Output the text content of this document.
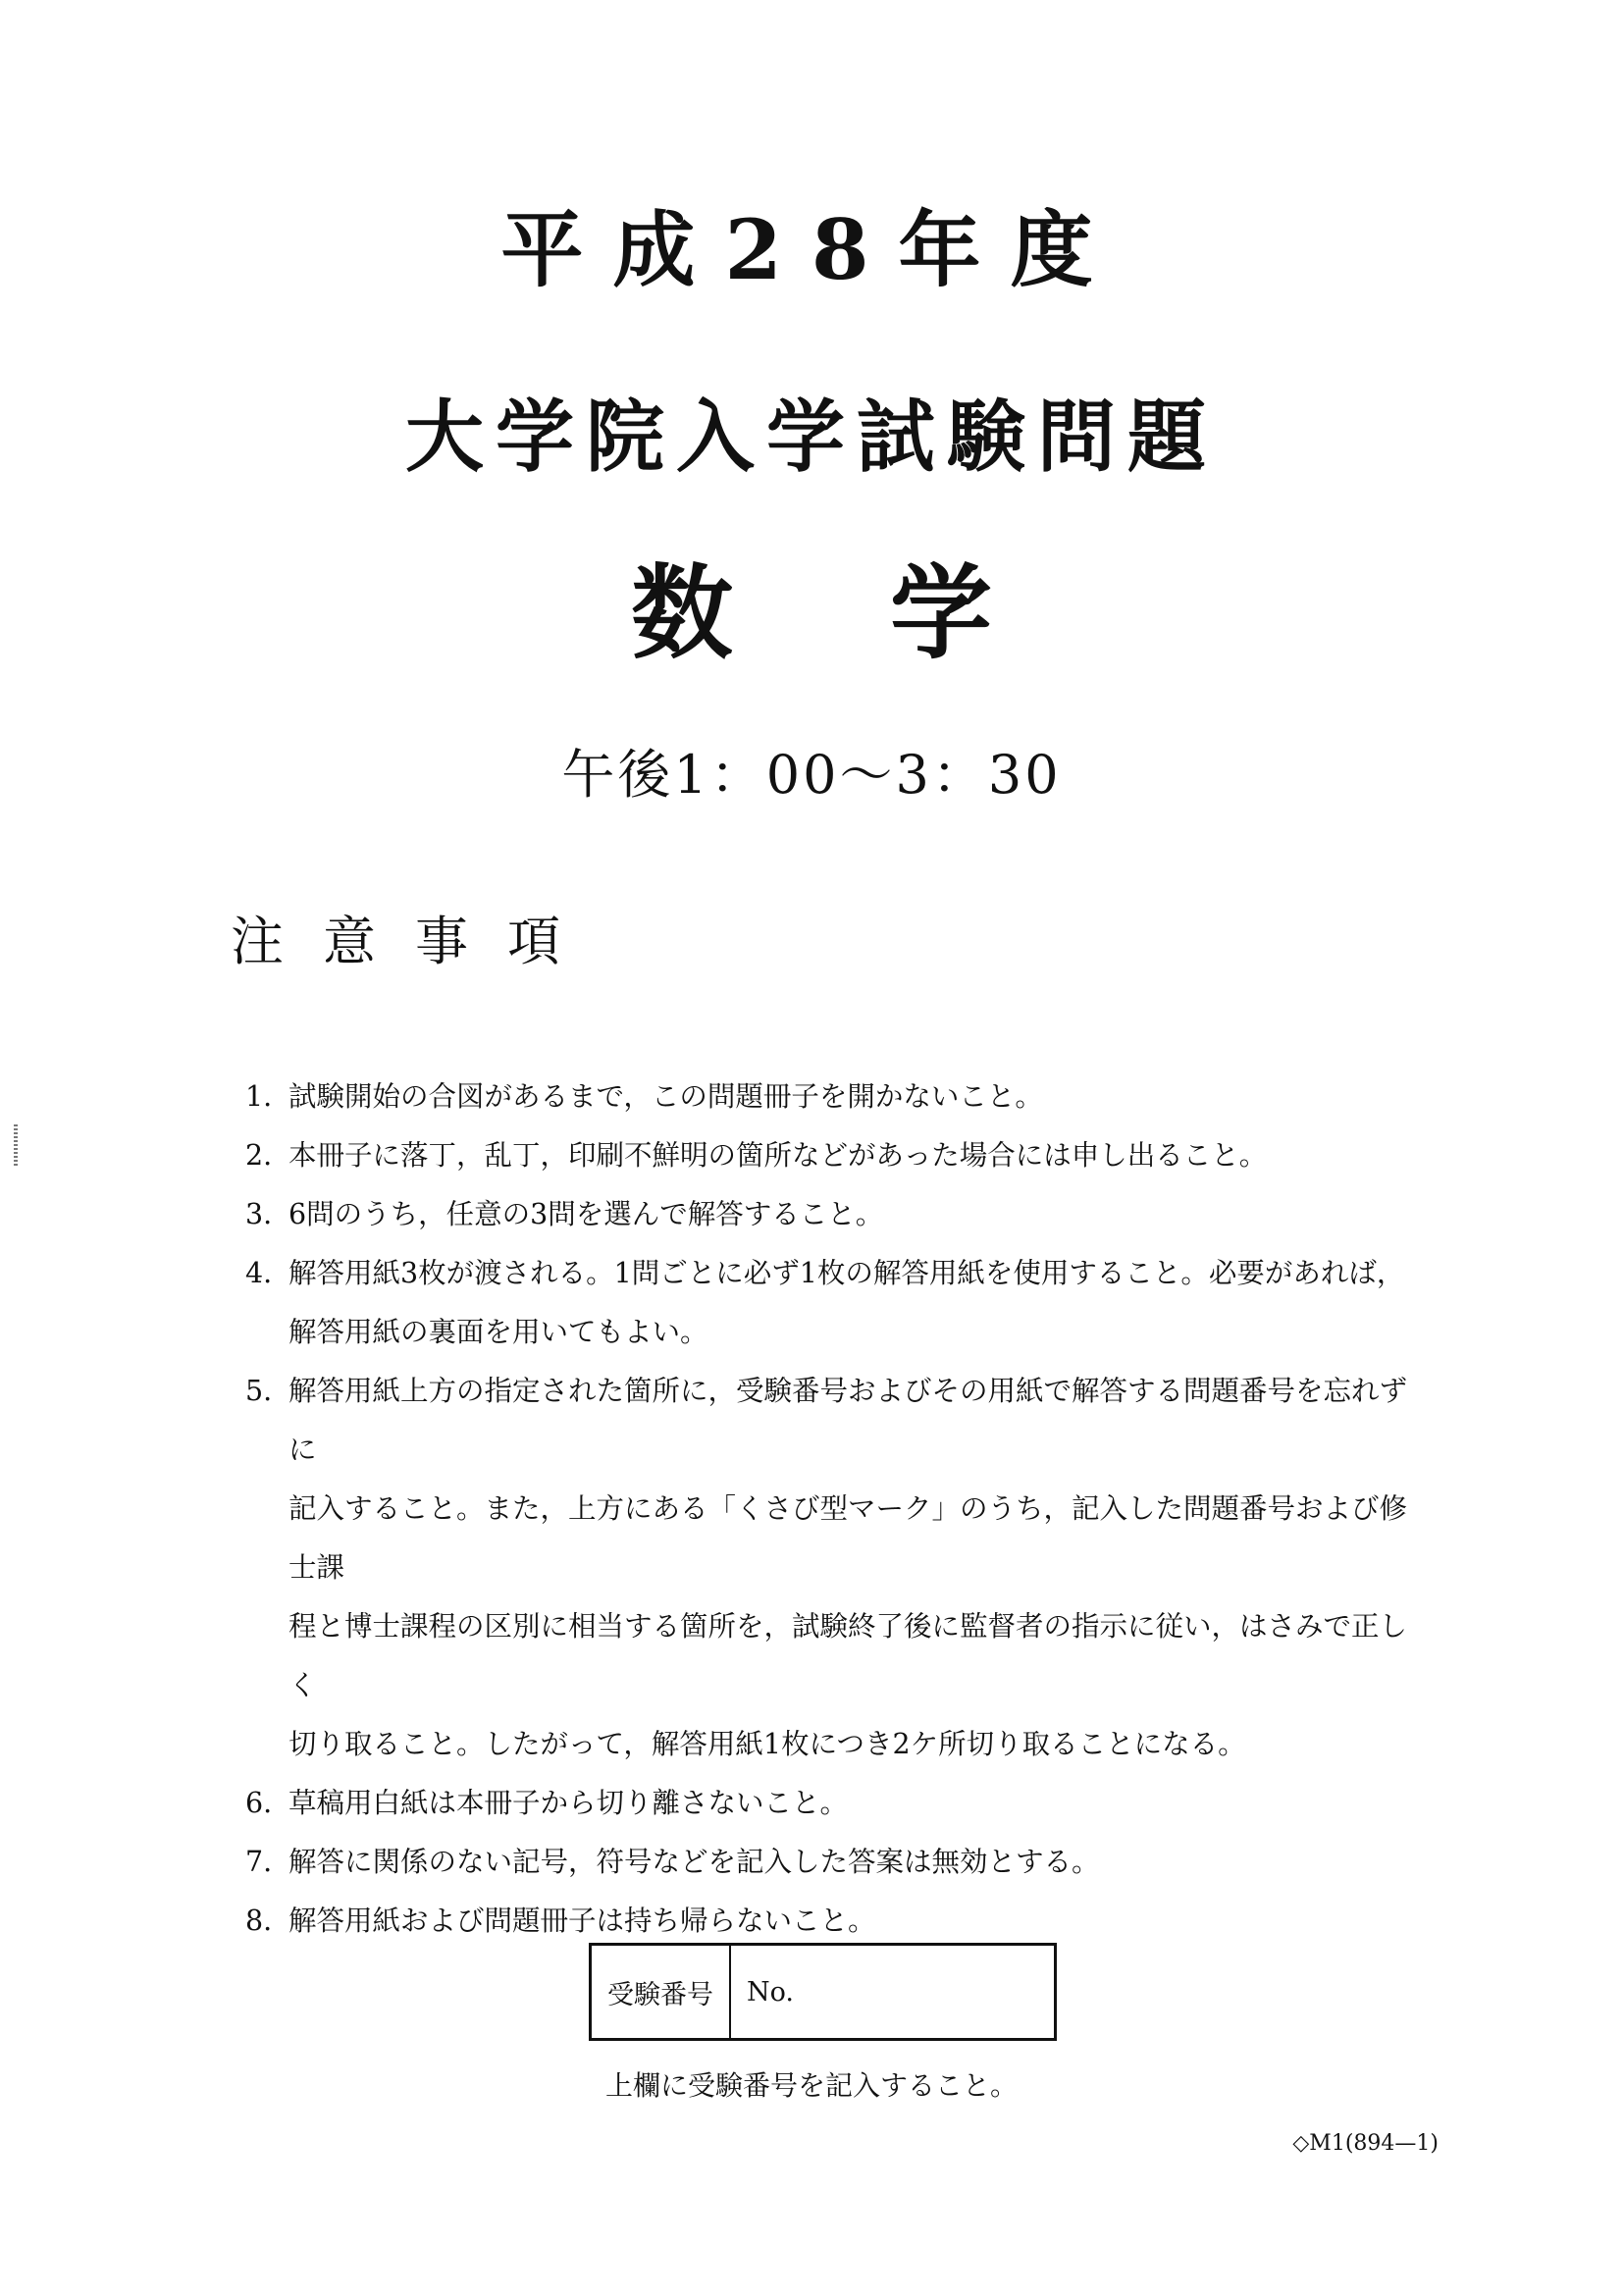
平成28年度
大学院入学試験問題
数学
午後1：00～3：30
注意事項
1. 試験開始の合図があるまで，この問題冊子を開かないこと。
2. 本冊子に落丁，乱丁，印刷不鮮明の箇所などがあった場合には申し出ること。
3. 6問のうち，任意の3問を選んで解答すること。
4. 解答用紙3枚が渡される。1問ごとに必ず1枚の解答用紙を使用すること。必要があれば，
解答用紙の裏面を用いてもよい。
5. 解答用紙上方の指定された箇所に，受験番号およびその用紙で解答する問題番号を忘れずに
記入すること。また，上方にある「くさび型マーク」のうち，記入した問題番号および修士課
程と博士課程の区別に相当する箇所を，試験終了後に監督者の指示に従い，はさみで正しく
切り取ること。したがって，解答用紙1枚につき2ケ所切り取ることになる。
6. 草稿用白紙は本冊子から切り離さないこと。
7. 解答に関係のない記号，符号などを記入した答案は無効とする。
8. 解答用紙および問題冊子は持ち帰らないこと。
受験番号	No.
上欄に受験番号を記入すること。
◇M1(894—1)
